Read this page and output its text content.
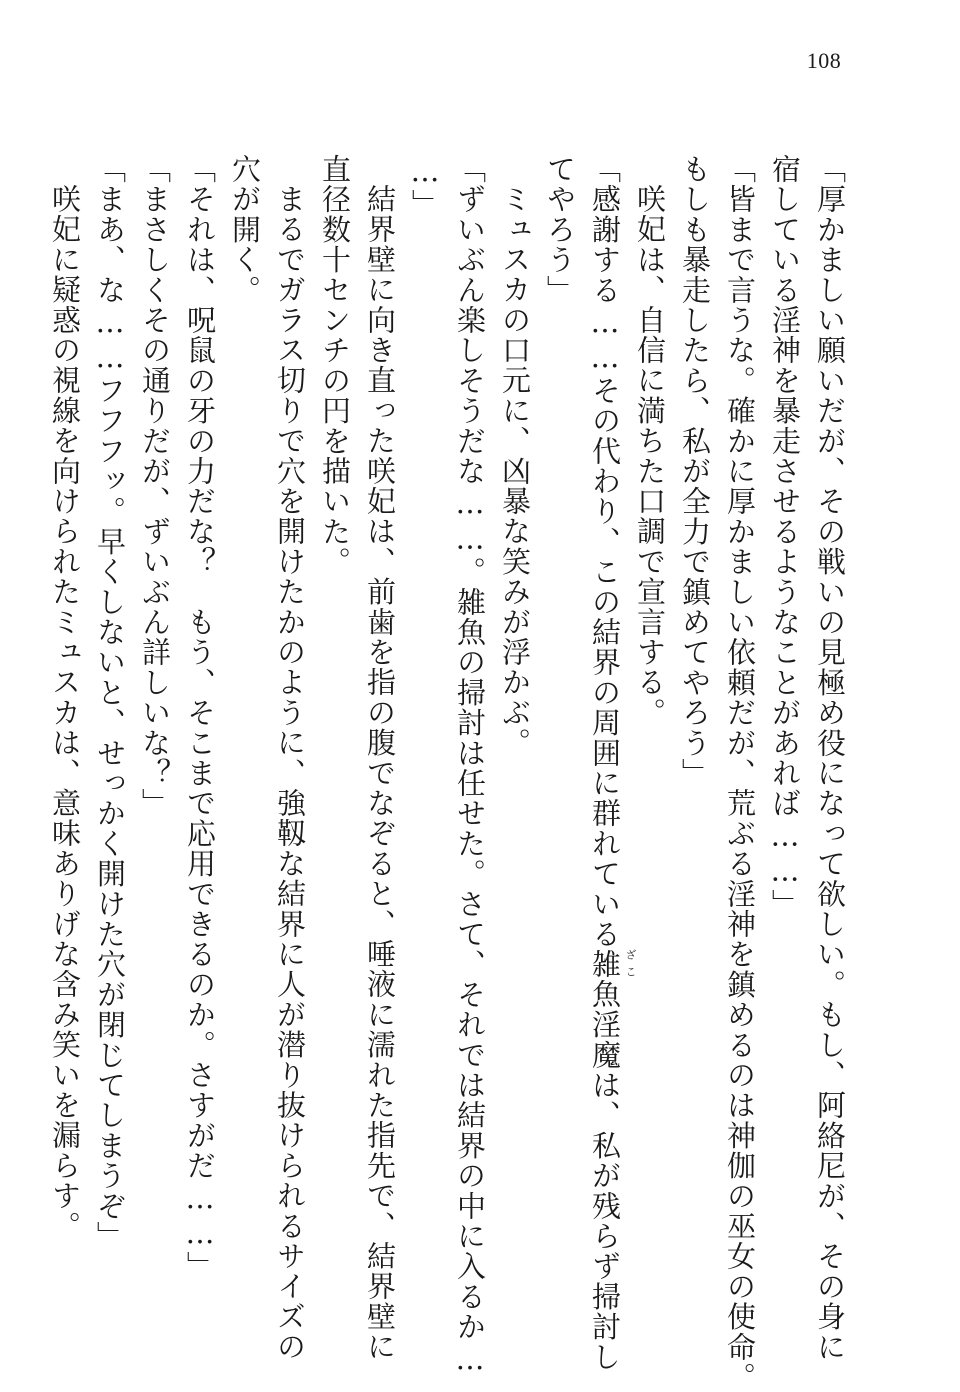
108
「厚かましい願いだが、その戦いの見極め役になって欲しい。もし、阿絡尼が、その身に
宿している淫神を暴走させるようなことがあれば……」
「皆まで言うな。確かに厚かましい依頼だが、荒ぶる淫神を鎮めるのは神伽の巫女の使命。
もしも暴走したら、私が全力で鎮めてやろう」
咲妃は、自信に満ちた口調で宣言する。
「感謝する……その代わり、この結界の周囲に群れている雑魚 ざこ
淫魔は、私が残らず掃討し
てやろう」
ミュスカの口元に、凶暴な笑みが浮かぶ。
「ずいぶん楽しそうだな……。雑魚の掃討は任せた。さて、それでは結界の中に入るか…
…」
結界壁に向き直った咲妃は、前歯を指の腹でなぞると、唾液に濡れた指先で、結界壁に
直径数十センチの円を描いた。
まるでガラス切りで穴を開けたかのように、強靱な結界に人が潜り抜けられるサイズの
穴が開く。
「それは、呪鼠の牙の力だな？　もう、そこまで応用できるのか。さすがだ……」
「まさしくその通りだが、ずいぶん詳しいな？」
「まあ、な……フフフッ。早くしないと、せっかく開けた穴が閉じてしまうぞ」
咲妃に疑惑の視線を向けられたミュスカは、意味ありげな含み笑いを漏らす。
